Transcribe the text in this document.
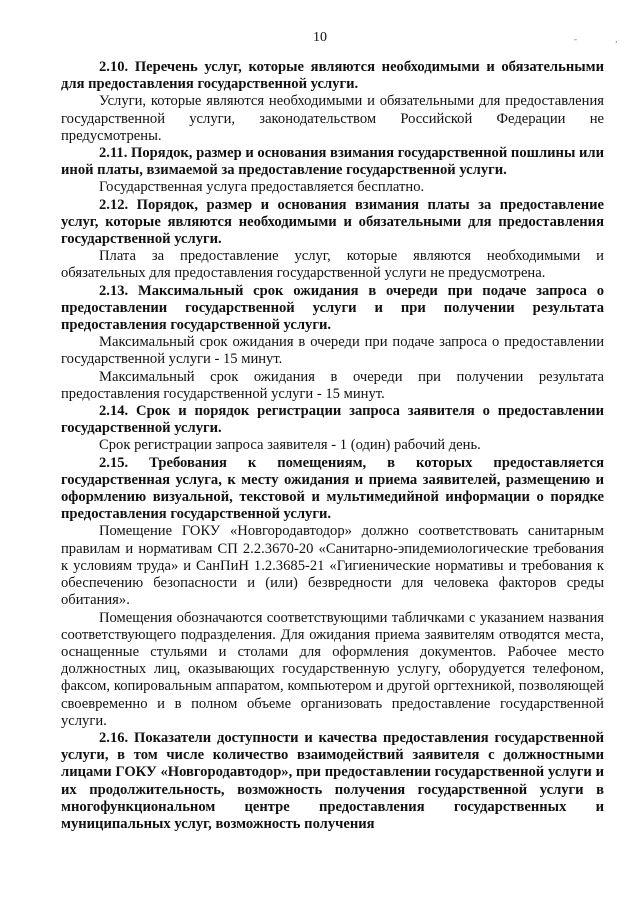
10	- ,

2.10. Перечень услуг, которые являются необходимыми и обязательными для предоставления государственной услуги.

Услуги, которые являются необходимыми и обязательными для предоставления государственной услуги, законодательством Российской Федерации не предусмотрены.

2.11. Порядок, размер и основания взимания государственной пошлины или иной платы, взимаемой за предоставление государственной услуги.

Государственная услуга предоставляется бесплатно.

2.12. Порядок, размер и основания взимания платы за предоставление услуг, которые являются необходимыми и обязательными для предоставления государственной услуги.

Плата за предоставление услуг, которые являются необходимыми и обязательных для предоставления государственной услуги не предусмотрена.

2.13. Максимальный срок ожидания в очереди при подаче запроса о предоставлении государственной услуги и при получении результата предоставления государственной услуги.

Максимальный срок ожидания в очереди при подаче запроса о предоставлении государственной услуги - 15 минут.

Максимальный срок ожидания в очереди при получении результата предоставления государственной услуги - 15 минут.

2.14. Срок и порядок регистрации запроса заявителя о предоставлении государственной услуги.

Срок регистрации запроса заявителя - 1 (один) рабочий день.

2.15. Требования к помещениям, в которых предоставляется государственная услуга, к месту ожидания и приема заявителей, размещению и оформлению визуальной, текстовой и мультимедийной информации о порядке предоставления государственной услуги.

Помещение ГОКУ «Новгородавтодор» должно соответствовать санитарным правилам и нормативам СП 2.2.3670-20 «Санитарно-эпидемиологические требования к условиям труда» и СанПиН 1.2.3685-21 «Гигиенические нормативы и требования к обеспечению безопасности и (или) безвредности для человека факторов среды обитания».

Помещения обозначаются соответствующими табличками с указанием названия соответствующего подразделения. Для ожидания приема заявителям отводятся места, оснащенные стульями и столами для оформления документов. Рабочее место должностных лиц, оказывающих государственную услугу, оборудуется телефоном, факсом, копировальным аппаратом, компьютером и другой оргтехникой, позволяющей своевременно и в полном объеме организовать предоставление государственной услуги.

2.16. Показатели доступности и качества предоставления государственной услуги, в том числе количество взаимодействий заявителя с должностными лицами ГОКУ «Новгородавтодор», при предоставлении государственной услуги и их продолжительность, возможность получения государственной услуги в многофункциональном центре предоставления государственных и муниципальных услуг, возможность получения
